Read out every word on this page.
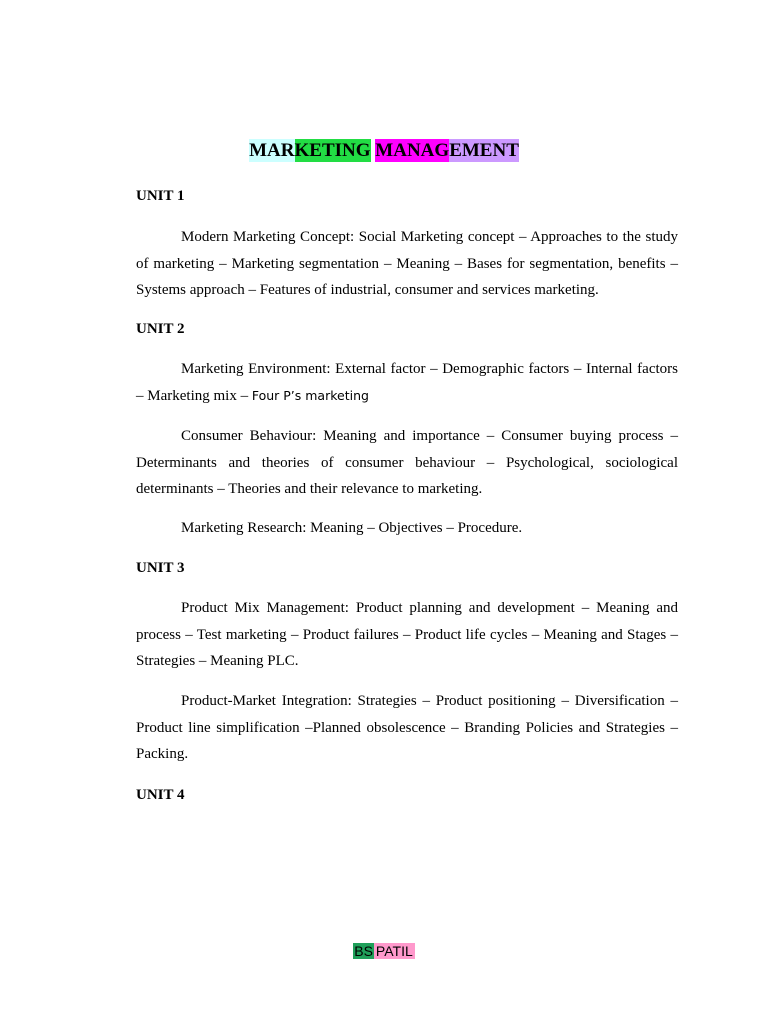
MARKETING MANAGEMENT
UNIT 1
Modern Marketing Concept: Social Marketing concept – Approaches to the study of marketing – Marketing segmentation – Meaning – Bases for segmentation, benefits – Systems approach – Features of industrial, consumer and services marketing.
UNIT 2
Marketing Environment: External factor – Demographic factors – Internal factors – Marketing mix – Four P’s marketing
Consumer Behaviour: Meaning and importance – Consumer buying process – Determinants and theories of consumer behaviour – Psychological, sociological determinants – Theories and their relevance to marketing.
Marketing Research: Meaning – Objectives – Procedure.
UNIT 3
Product Mix Management: Product planning and development – Meaning and process – Test marketing – Product failures – Product life cycles – Meaning and Stages – Strategies – Meaning PLC.
Product-Market Integration: Strategies – Product positioning – Diversification – Product line simplification –Planned obsolescence – Branding Policies and Strategies – Packing.
UNIT 4
BS PATIL
